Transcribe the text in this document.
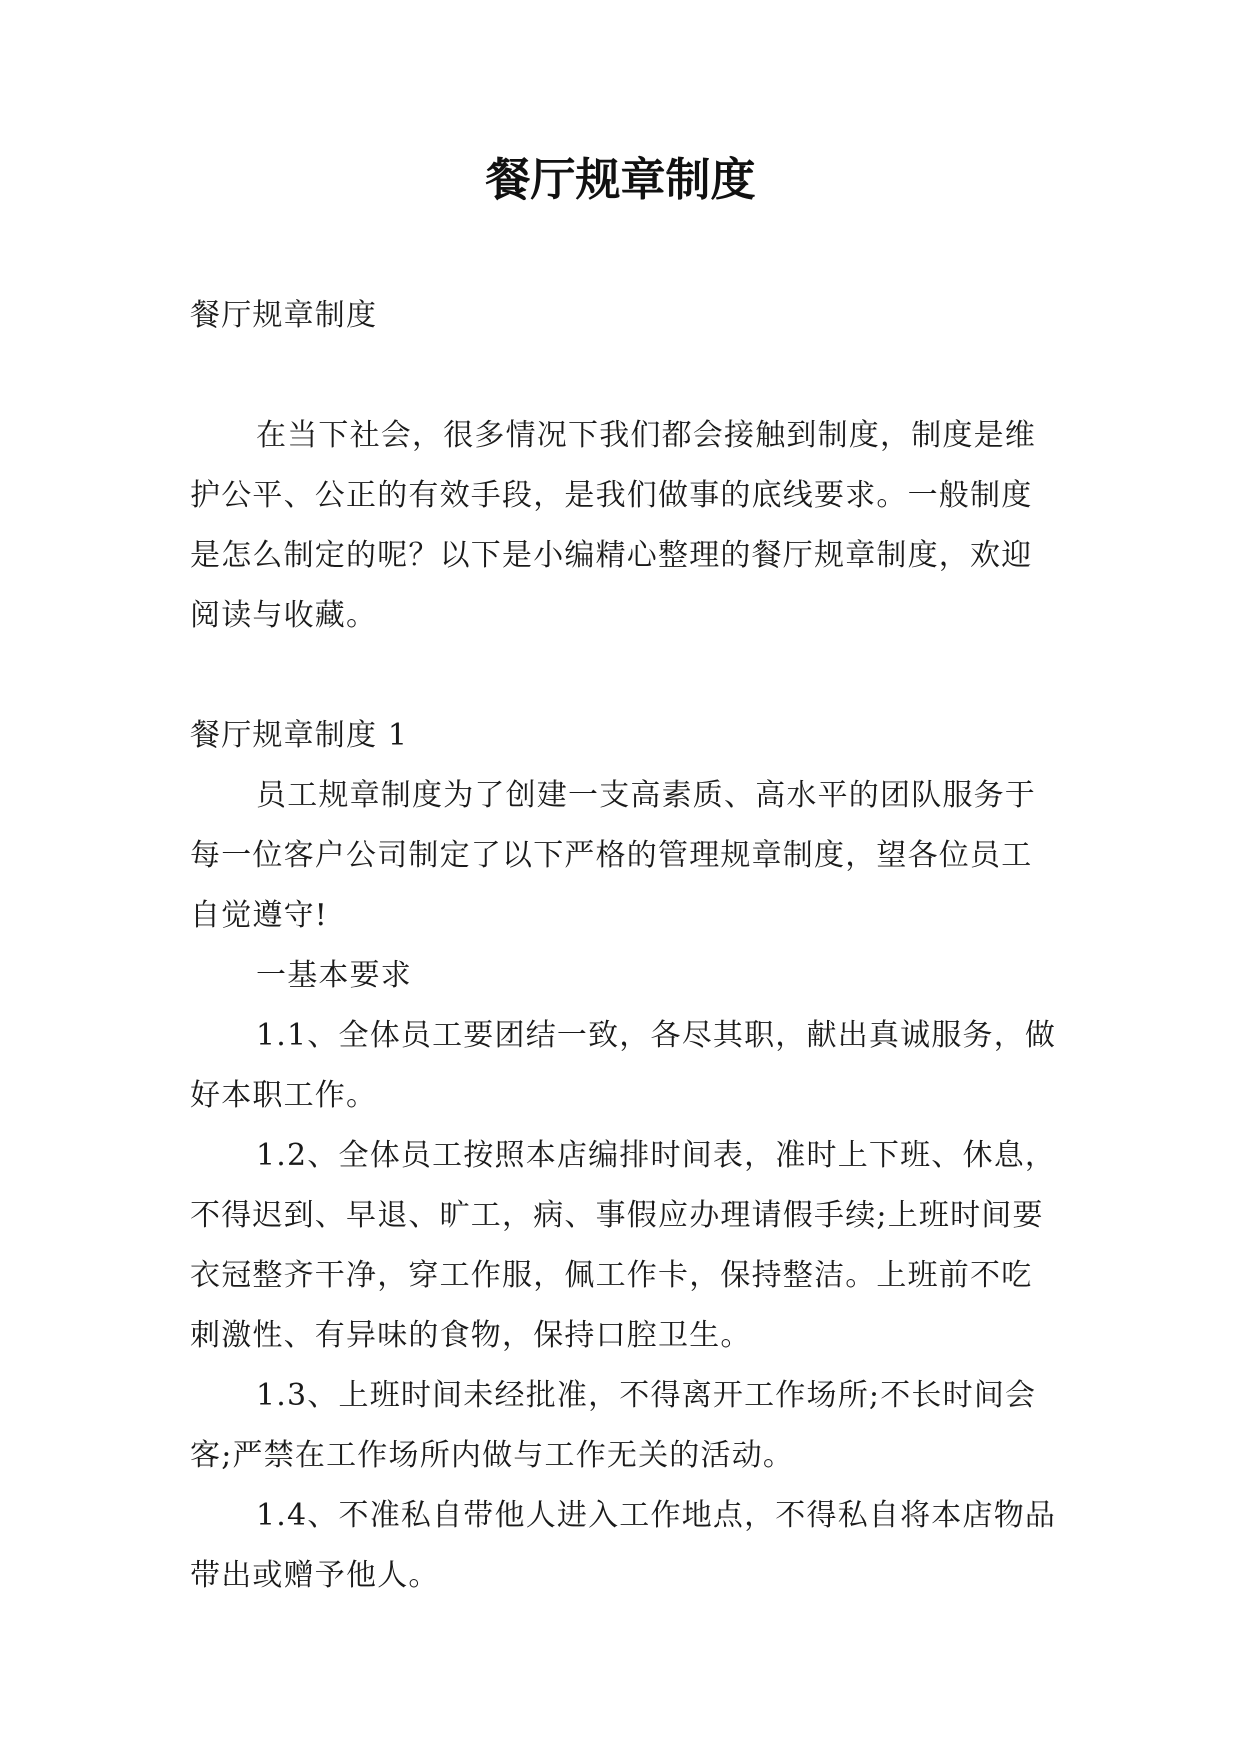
餐厅规章制度

餐厅规章制度

在当下社会，很多情况下我们都会接触到制度，制度是维护公平、公正的有效手段，是我们做事的底线要求。一般制度是怎么制定的呢？以下是小编精心整理的餐厅规章制度，欢迎阅读与收藏。

餐厅规章制度 1

员工规章制度为了创建一支高素质、高水平的团队服务于每一位客户公司制定了以下严格的管理规章制度，望各位员工自觉遵守!

一基本要求

1.1、全体员工要团结一致，各尽其职，献出真诚服务，做好本职工作。

1.2、全体员工按照本店编排时间表，准时上下班、休息，不得迟到、早退、旷工，病、事假应办理请假手续;上班时间要衣冠整齐干净，穿工作服，佩工作卡，保持整洁。上班前不吃刺激性、有异味的食物，保持口腔卫生。

1.3、上班时间未经批准，不得离开工作场所;不长时间会客;严禁在工作场所内做与工作无关的活动。

1.4、不准私自带他人进入工作地点，不得私自将本店物品带出或赠予他人。
